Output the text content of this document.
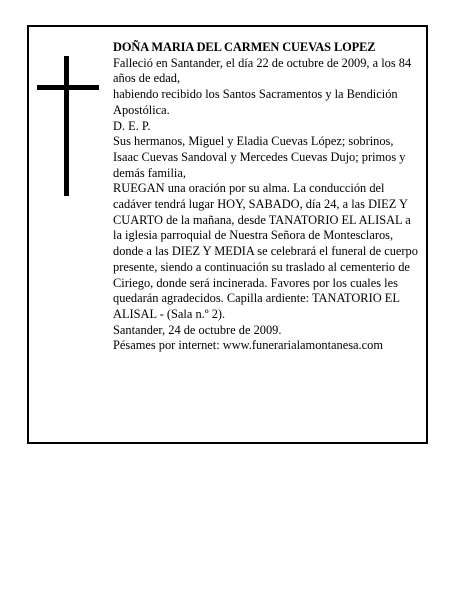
DOÑA MARIA DEL CARMEN CUEVAS LOPEZ

Falleció en Santander, el día 22 de octubre de 2009, a los 84 años de edad,

habiendo recibido los Santos Sacramentos y la Bendición Apostólica.

D. E. P.

Sus hermanos, Miguel y Eladia Cuevas López; sobrinos, Isaac Cuevas Sandoval y Mercedes Cuevas Dujo; primos y demás familia,

RUEGAN una oración por su alma. La conducción del cadáver tendrá lugar HOY, SABADO, día 24, a las DIEZ Y CUARTO de la mañana, desde TANATORIO EL ALISAL a la iglesia parroquial de Nuestra Señora de Montesclaros, donde a las DIEZ Y MEDIA se celebrará el funeral de cuerpo presente, siendo a continuación su traslado al cementerio de Ciriego, donde será incinerada. Favores por los cuales les quedarán agradecidos. Capilla ardiente: TANATORIO EL ALISAL - (Sala n.º 2).

Santander, 24 de octubre de 2009.

Pésames por internet: www.funerarialamontanesa.com
